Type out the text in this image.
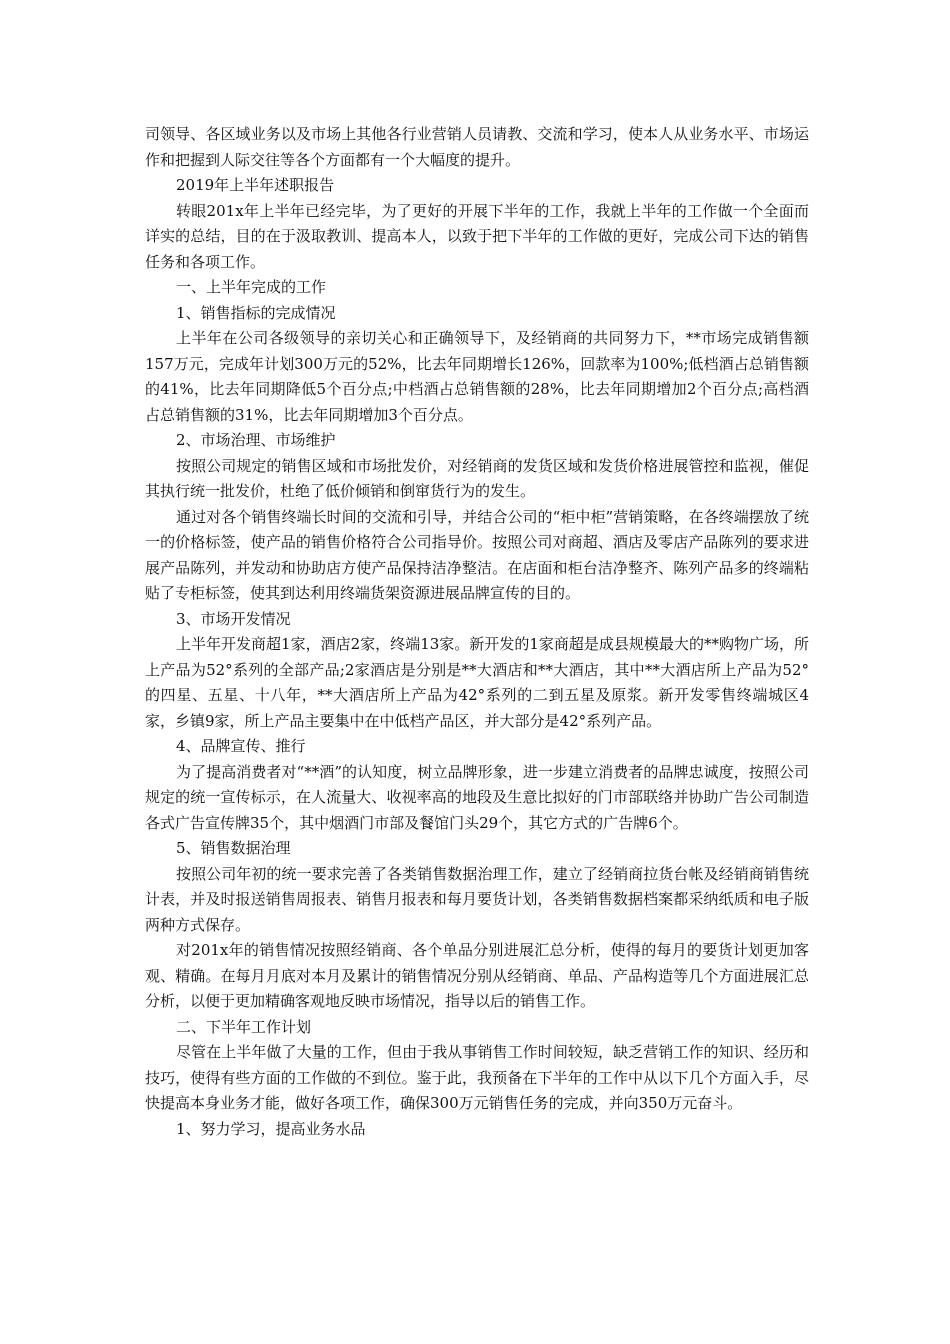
司领导、各区域业务以及市场上其他各行业营销人员请教、交流和学习，使本人从业务水平、市场运作和把握到人际交往等各个方面都有一个大幅度的提升。

2019年上半年述职报告

转眼201x年上半年已经完毕，为了更好的开展下半年的工作，我就上半年的工作做一个全面而详实的总结，目的在于汲取教训、提高本人，以致于把下半年的工作做的更好，完成公司下达的销售任务和各项工作。

一、上半年完成的工作

1、销售指标的完成情况

上半年在公司各级领导的亲切关心和正确领导下，及经销商的共同努力下，**市场完成销售额157万元，完成年计划300万元的52%，比去年同期增长126%，回款率为100%;低档酒占总销售额的41%，比去年同期降低5个百分点;中档酒占总销售额的28%，比去年同期增加2个百分点;高档酒占总销售额的31%，比去年同期增加3个百分点。

2、市场治理、市场维护

按照公司规定的销售区域和市场批发价，对经销商的发货区域和发货价格进展管控和监视，催促其执行统一批发价，杜绝了低价倾销和倒窜货行为的发生。

通过对各个销售终端长时间的交流和引导，并结合公司的“柜中柜”营销策略，在各终端摆放了统一的价格标签，使产品的销售价格符合公司指导价。按照公司对商超、酒店及零店产品陈列的要求进展产品陈列，并发动和协助店方使产品保持洁净整洁。在店面和柜台洁净整齐、陈列产品多的终端粘贴了专柜标签，使其到达利用终端货架资源进展品牌宣传的目的。

3、市场开发情况

上半年开发商超1家，酒店2家，终端13家。新开发的1家商超是成县规模最大的**购物广场，所上产品为52°系列的全部产品;2家酒店是分别是**大酒店和**大酒店，其中**大酒店所上产品为52°的四星、五星、十八年，**大酒店所上产品为42°系列的二到五星及原浆。新开发零售终端城区4家，乡镇9家，所上产品主要集中在中低档产品区，并大部分是42°系列产品。

4、品牌宣传、推行

为了提高消费者对“**酒”的认知度，树立品牌形象，进一步建立消费者的品牌忠诚度，按照公司规定的统一宣传标示，在人流量大、收视率高的地段及生意比拟好的门市部联络并协助广告公司制造各式广告宣传牌35个，其中烟酒门市部及餐馆门头29个，其它方式的广告牌6个。

5、销售数据治理

按照公司年初的统一要求完善了各类销售数据治理工作，建立了经销商拉货台帐及经销商销售统计表，并及时报送销售周报表、销售月报表和每月要货计划，各类销售数据档案都采纳纸质和电子版两种方式保存。

对201x年的销售情况按照经销商、各个单品分别进展汇总分析，使得的每月的要货计划更加客观、精确。在每月月底对本月及累计的销售情况分别从经销商、单品、产品构造等几个方面进展汇总分析，以便于更加精确客观地反映市场情况，指导以后的销售工作。

二、下半年工作计划

尽管在上半年做了大量的工作，但由于我从事销售工作时间较短，缺乏营销工作的知识、经历和技巧，使得有些方面的工作做的不到位。鉴于此，我预备在下半年的工作中从以下几个方面入手，尽快提高本身业务才能，做好各项工作，确保300万元销售任务的完成，并向350万元奋斗。

1、努力学习，提高业务水品
